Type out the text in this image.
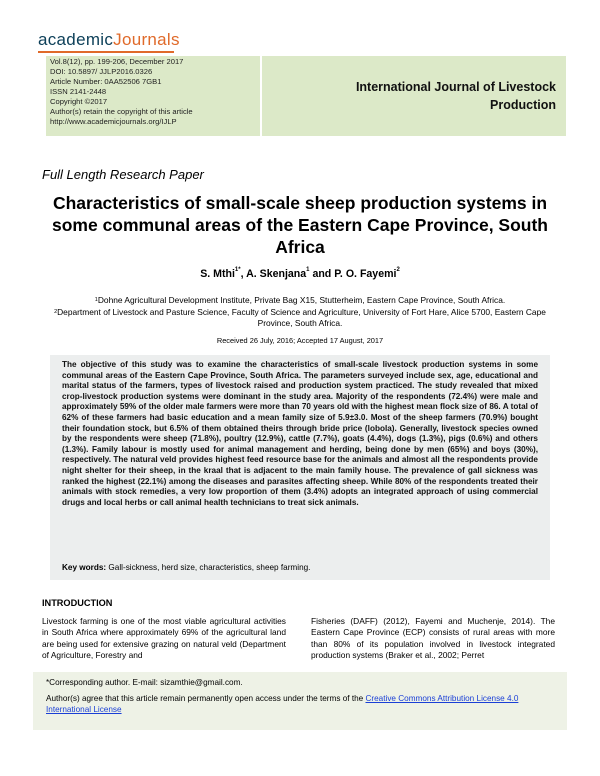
academicJournals
Vol.8(12), pp. 199-206, December 2017
DOI: 10.5897/ JJLP2016.0326
Article Number: 0AA52506 7GB1
ISSN 2141-2448
Copyright ©2017
Author(s) retain the copyright of this article
http://www.academicjournals.org/IJLP
International Journal of Livestock Production
Full Length Research Paper
Characteristics of small-scale sheep production systems in some communal areas of the Eastern Cape Province, South Africa
S. Mthi$^{1*}$, A. Skenjana$^1$ and P. O. Fayemi$^2$
$^1$Dohne Agricultural Development Institute, Private Bag X15, Stutterheim, Eastern Cape Province, South Africa.
$^2$Department of Livestock and Pasture Science, Faculty of Science and Agriculture, University of Fort Hare, Alice 5700, Eastern Cape Province, South Africa.
Received 26 July, 2016; Accepted 17 August, 2017
The objective of this study was to examine the characteristics of small-scale livestock production systems in some communal areas of the Eastern Cape Province, South Africa. The parameters surveyed include sex, age, educational and marital status of the farmers, types of livestock raised and production system practiced. The study revealed that mixed crop-livestock production systems were dominant in the study area. Majority of the respondents (72.4%) were male and approximately 59% of the older male farmers were more than 70 years old with the highest mean flock size of 86. A total of 62% of these farmers had basic education and a mean family size of 5.9±3.0. Most of the sheep farmers (70.9%) bought their foundation stock, but 6.5% of them obtained theirs through bride price (lobola). Generally, livestock species owned by the respondents were sheep (71.8%), poultry (12.9%), cattle (7.7%), goats (4.4%), dogs (1.3%), pigs (0.6%) and others (1.3%). Family labour is mostly used for animal management and herding, being done by men (65%) and boys (30%), respectively. The natural veld provides highest feed resource base for the animals and almost all the respondents provide night shelter for their sheep, in the kraal that is adjacent to the main family house. The prevalence of gall sickness was ranked the highest (22.1%) among the diseases and parasites affecting sheep. While 80% of the respondents treated their animals with stock remedies, a very low proportion of them (3.4%) adopts an integrated approach of using commercial drugs and local herbs or call animal health technicians to treat sick animals.
Key words: Gall-sickness, herd size, characteristics, sheep farming.
INTRODUCTION
Livestock farming is one of the most viable agricultural activities in South Africa where approximately 69% of the agricultural land are being used for extensive grazing on natural veld (Department of Agriculture, Forestry and
Fisheries (DAFF) (2012), Fayemi and Muchenje, 2014). The Eastern Cape Province (ECP) consists of rural areas with more than 80% of its population involved in livestock integrated production systems (Braker et al., 2002; Perret
*Corresponding author. E-mail: sizamthie@gmail.com.
Author(s) agree that this article remain permanently open access under the terms of the Creative Commons Attribution License 4.0 International License
